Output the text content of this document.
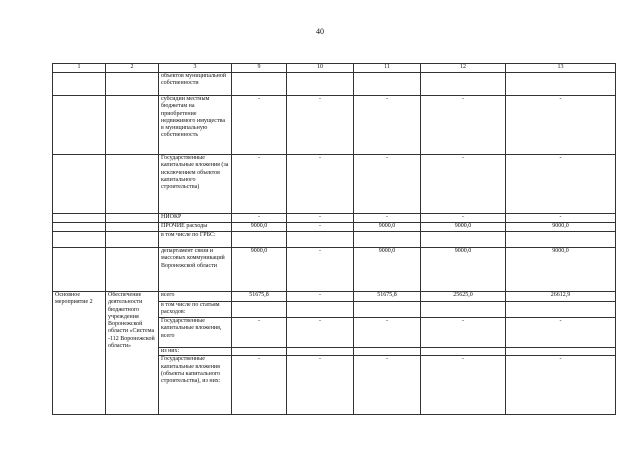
40
1	2	3	9	10	11	12	13
		объектов муниципальной собственности					
		субсидии местным бюджетам на приобретение недвижимого имущества в муниципальную собственность	-	-	-	-	-
		Государственные капитальные вложения (за исключением объектов капитального строительства)	-	-	-	-	-
		НИОКР	-	-	-	-	-
		ПРОЧИЕ расходы	9000,0	-	9000,0	9000,0	9000,0
		в том числе по ГРБС:					
		департамент связи и массовых коммуникаций Воронежской области	9000,0	-	9000,0	9000,0	9000,0
Основное мероприятие 2	Обеспечение деятельности бюджетного учреждения Воронежской области «Система -112 Воронежской области»	всего	51675,8	-	51675,8	25625,0	26612,9
		в том числе по статьям расходов:					
		Государственные капитальные вложения, всего	-	-	-	-	-
		из них:					
		Государственные капитальные вложения (объекты капитального строительства), из них:	-	-	-	-	-
